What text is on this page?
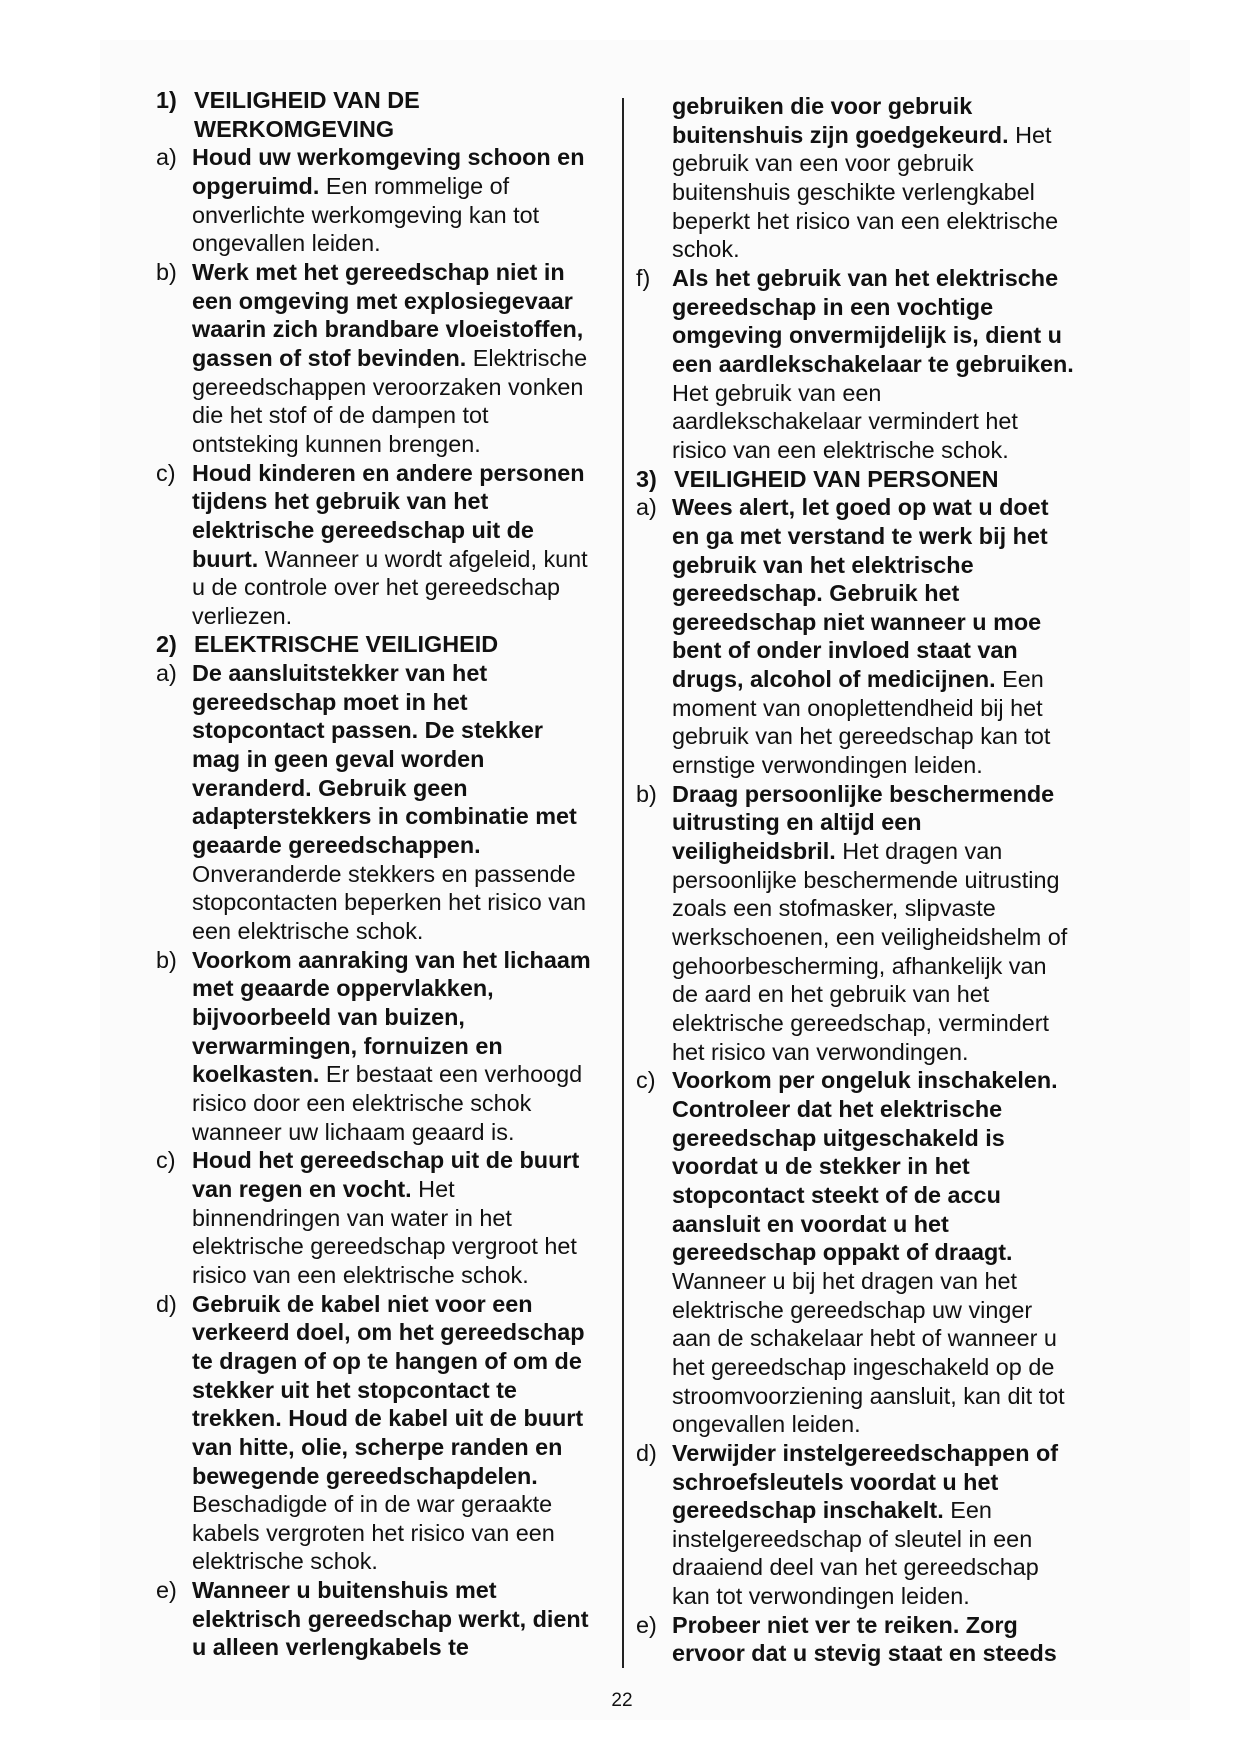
1) VEILIGHEID VAN DE WERKOMGEVING
a) Houd uw werkomgeving schoon en opgeruimd. Een rommelige of onverlichte werkomgeving kan tot ongevallen leiden.
b) Werk met het gereedschap niet in een omgeving met explosiegevaar waarin zich brandbare vloeistoffen, gassen of stof bevinden. Elektrische gereedschappen veroorzaken vonken die het stof of de dampen tot ontsteking kunnen brengen.
c) Houd kinderen en andere personen tijdens het gebruik van het elektrische gereedschap uit de buurt. Wanneer u wordt afgeleid, kunt u de controle over het gereedschap verliezen.
2) ELEKTRISCHE VEILIGHEID
a) De aansluitstekker van het gereedschap moet in het stopcontact passen. De stekker mag in geen geval worden veranderd. Gebruik geen adapterstekkers in combinatie met geaarde gereedschappen. Onveranderde stekkers en passende stopcontacten beperken het risico van een elektrische schok.
b) Voorkom aanraking van het lichaam met geaarde oppervlakken, bijvoorbeeld van buizen, verwarmingen, fornuizen en koelkasten. Er bestaat een verhoogd risico door een elektrische schok wanneer uw lichaam geaard is.
c) Houd het gereedschap uit de buurt van regen en vocht. Het binnendringen van water in het elektrische gereedschap vergroot het risico van een elektrische schok.
d) Gebruik de kabel niet voor een verkeerd doel, om het gereedschap te dragen of op te hangen of om de stekker uit het stopcontact te trekken. Houd de kabel uit de buurt van hitte, olie, scherpe randen en bewegende gereedschapdelen. Beschadigde of in de war geraakte kabels vergroten het risico van een elektrische schok.
e) Wanneer u buitenshuis met elektrisch gereedschap werkt, dient u alleen verlengkabels te
gebruiken die voor gebruik buitenshuis zijn goedgekeurd. Het gebruik van een voor gebruik buitenshuis geschikte verlengkabel beperkt het risico van een elektrische schok.
f) Als het gebruik van het elektrische gereedschap in een vochtige omgeving onvermijdelijk is, dient u een aardlekschakelaar te gebruiken. Het gebruik van een aardlekschakelaar vermindert het risico van een elektrische schok.
3) VEILIGHEID VAN PERSONEN
a) Wees alert, let goed op wat u doet en ga met verstand te werk bij het gebruik van het elektrische gereedschap. Gebruik het gereedschap niet wanneer u moe bent of onder invloed staat van drugs, alcohol of medicijnen. Een moment van onoplettendheid bij het gebruik van het gereedschap kan tot ernstige verwondingen leiden.
b) Draag persoonlijke beschermende uitrusting en altijd een veiligheidsbril. Het dragen van persoonlijke beschermende uitrusting zoals een stofmasker, slipvaste werkschoenen, een veiligheidshelm of gehoorbescherming, afhankelijk van de aard en het gebruik van het elektrische gereedschap, vermindert het risico van verwondingen.
c) Voorkom per ongeluk inschakelen. Controleer dat het elektrische gereedschap uitgeschakeld is voordat u de stekker in het stopcontact steekt of de accu aansluit en voordat u het gereedschap oppakt of draagt. Wanneer u bij het dragen van het elektrische gereedschap uw vinger aan de schakelaar hebt of wanneer u het gereedschap ingeschakeld op de stroomvoorziening aansluit, kan dit tot ongevallen leiden.
d) Verwijder instelgereedschappen of schroefsleutels voordat u het gereedschap inschakelt. Een instelgereedschap of sleutel in een draaiend deel van het gereedschap kan tot verwondingen leiden.
e) Probeer niet ver te reiken. Zorg ervoor dat u stevig staat en steeds
22
